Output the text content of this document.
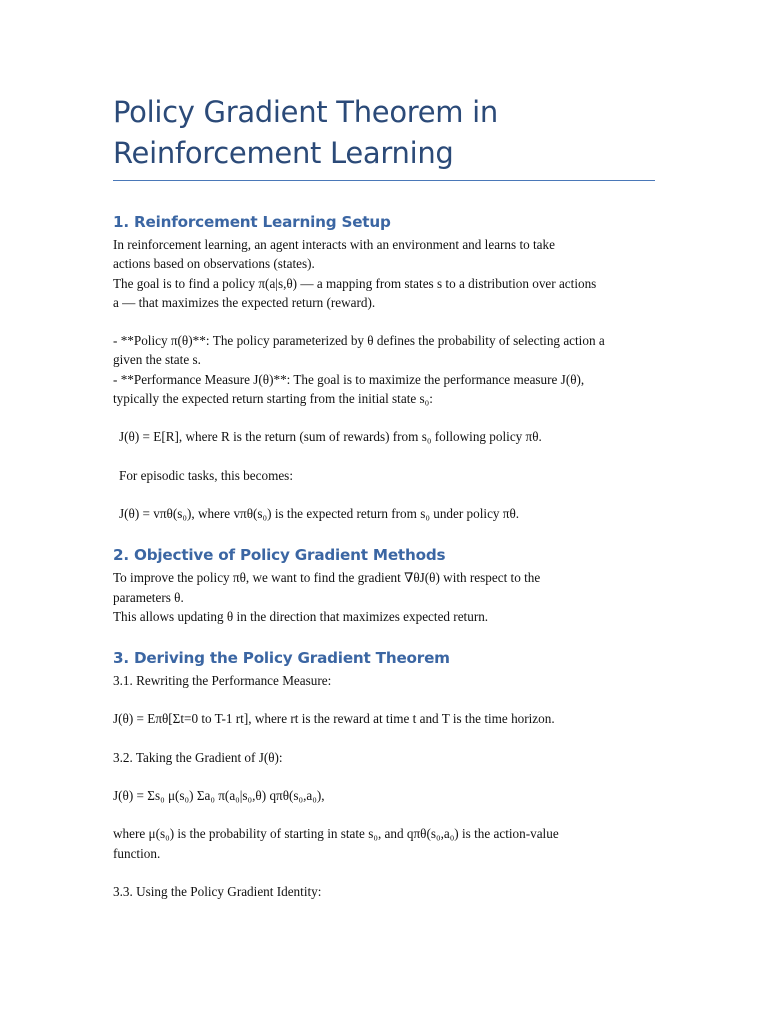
Policy Gradient Theorem in
Reinforcement Learning
1. Reinforcement Learning Setup

In reinforcement learning, an agent interacts with an environment and learns to take

actions based on observations (states).

The goal is to find a policy π(a|s,θ) — a mapping from states s to a distribution over actions

a — that maximizes the expected return (reward).

- **Policy π(θ)**: The policy parameterized by θ defines the probability of selecting action a

given the state s.

- **Performance Measure J(θ)**: The goal is to maximize the performance measure J(θ),

typically the expected return starting from the initial state s₀:

J(θ) = E[R], where R is the return (sum of rewards) from s₀ following policy πθ.

For episodic tasks, this becomes:

J(θ) = vπθ(s₀), where vπθ(s₀) is the expected return from s₀ under policy πθ.

2. Objective of Policy Gradient Methods

To improve the policy πθ, we want to find the gradient ∇θJ(θ) with respect to the

parameters θ.

This allows updating θ in the direction that maximizes expected return.

3. Deriving the Policy Gradient Theorem

3.1. Rewriting the Performance Measure:

J(θ) = Eπθ[Σt=0 to T-1 rt], where rt is the reward at time t and T is the time horizon.

3.2. Taking the Gradient of J(θ):

J(θ) = Σs₀ μ(s₀) Σa₀ π(a₀|s₀,θ) qπθ(s₀,a₀),

where μ(s₀) is the probability of starting in state s₀, and qπθ(s₀,a₀) is the action-value

function.

3.3. Using the Policy Gradient Identity:
